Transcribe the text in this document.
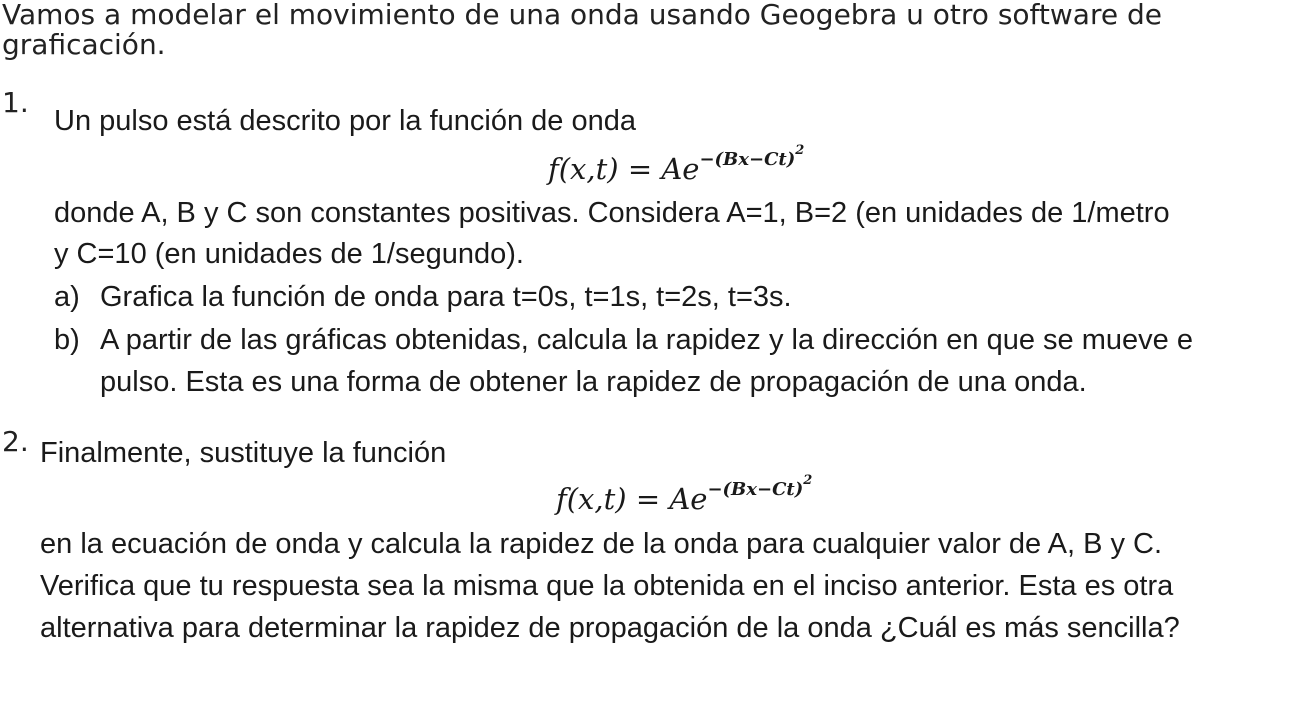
Vamos a modelar el movimiento de una onda usando Geogebra u otro software de
graficación.
1.
Un pulso está descrito por la función de onda
$f(x,t) = Ae^{-(Bx-Ct)^2}$
donde A, B y C son constantes positivas. Considera A=1, B=2 (en unidades de 1/metro
y C=10 (en unidades de 1/segundo).
a) Grafica la función de onda para t=0s, t=1s, t=2s, t=3s.
b) A partir de las gráficas obtenidas, calcula la rapidez y la dirección en que se mueve e
pulso. Esta es una forma de obtener la rapidez de propagación de una onda.
2. Finalmente, sustituye la función
$f(x,t) = Ae^{-(Bx-Ct)^2}$
en la ecuación de onda y calcula la rapidez de la onda para cualquier valor de A, B y C.
Verifica que tu respuesta sea la misma que la obtenida en el inciso anterior. Esta es otra
alternativa para determinar la rapidez de propagación de la onda ¿Cuál es más sencilla?
